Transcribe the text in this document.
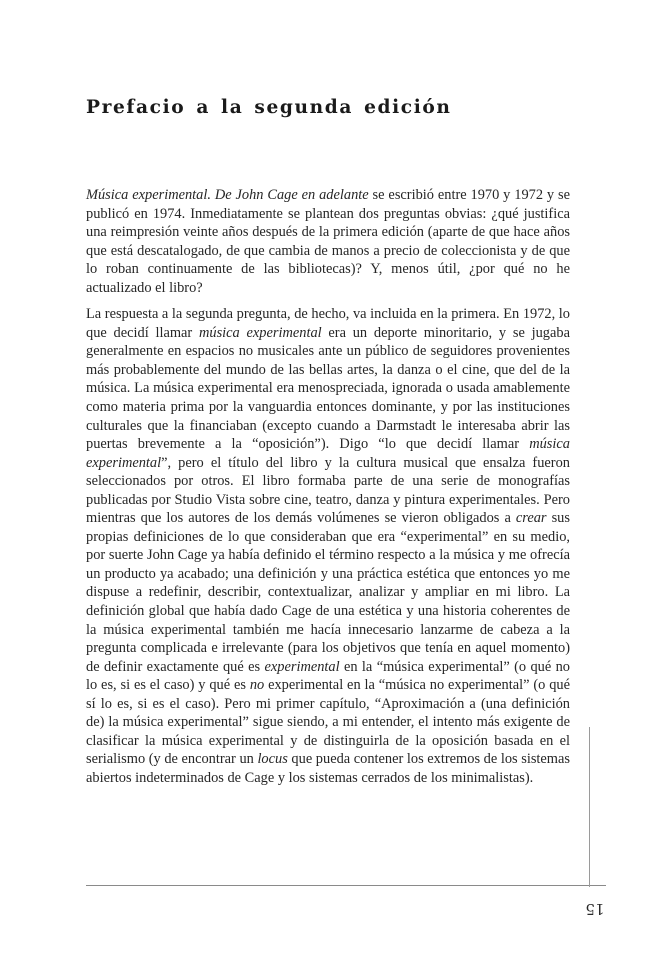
Prefacio a la segunda edición

Música experimental. De John Cage en adelante se escribió entre 1970 y 1972 y se publicó en 1974. Inmediatamente se plantean dos preguntas obvias: ¿qué justifica una reimpresión veinte años después de la primera edición (aparte de que hace años que está descatalogado, de que cambia de manos a precio de coleccionista y de que lo roban continuamente de las bibliotecas)? Y, menos útil, ¿por qué no he actualizado el libro?

La respuesta a la segunda pregunta, de hecho, va incluida en la primera. En 1972, lo que decidí llamar música experimental era un deporte minoritario, y se jugaba generalmente en espacios no musicales ante un público de seguidores provenientes más probablemente del mundo de las bellas artes, la danza o el cine, que del de la música. La música experimental era menospreciada, ignorada o usada amablemente como materia prima por la vanguardia entonces dominante, y por las instituciones culturales que la financiaban (excepto cuando a Darmstadt le interesaba abrir las puertas brevemente a la “oposición”). Digo “lo que decidí llamar música experimental”, pero el título del libro y la cultura musical que ensalza fueron seleccionados por otros. El libro formaba parte de una serie de monografías publicadas por Studio Vista sobre cine, teatro, danza y pintura experimentales. Pero mientras que los autores de los demás volúmenes se vieron obligados a crear sus propias definiciones de lo que consideraban que era “experimental” en su medio, por suerte John Cage ya había definido el término respecto a la música y me ofrecía un producto ya acabado; una definición y una práctica estética que entonces yo me dispuse a redefinir, describir, contextualizar, analizar y ampliar en mi libro. La definición global que había dado Cage de una estética y una historia coherentes de la música experimental también me hacía innecesario lanzarme de cabeza a la pregunta complicada e irrelevante (para los objetivos que tenía en aquel momento) de definir exactamente qué es experimental en la “música experimental” (o qué no lo es, si es el caso) y qué es no experimental en la “música no experimental” (o qué sí lo es, si es el caso). Pero mi primer capítulo, “Aproximación a (una definición de) la música experimental” sigue siendo, a mi entender, el intento más exigente de clasificar la música experimental y de distinguirla de la oposición basada en el serialismo (y de encontrar un locus que pueda contener los extremos de los sistemas abiertos indeterminados de Cage y los sistemas cerrados de los minimalistas).

15
